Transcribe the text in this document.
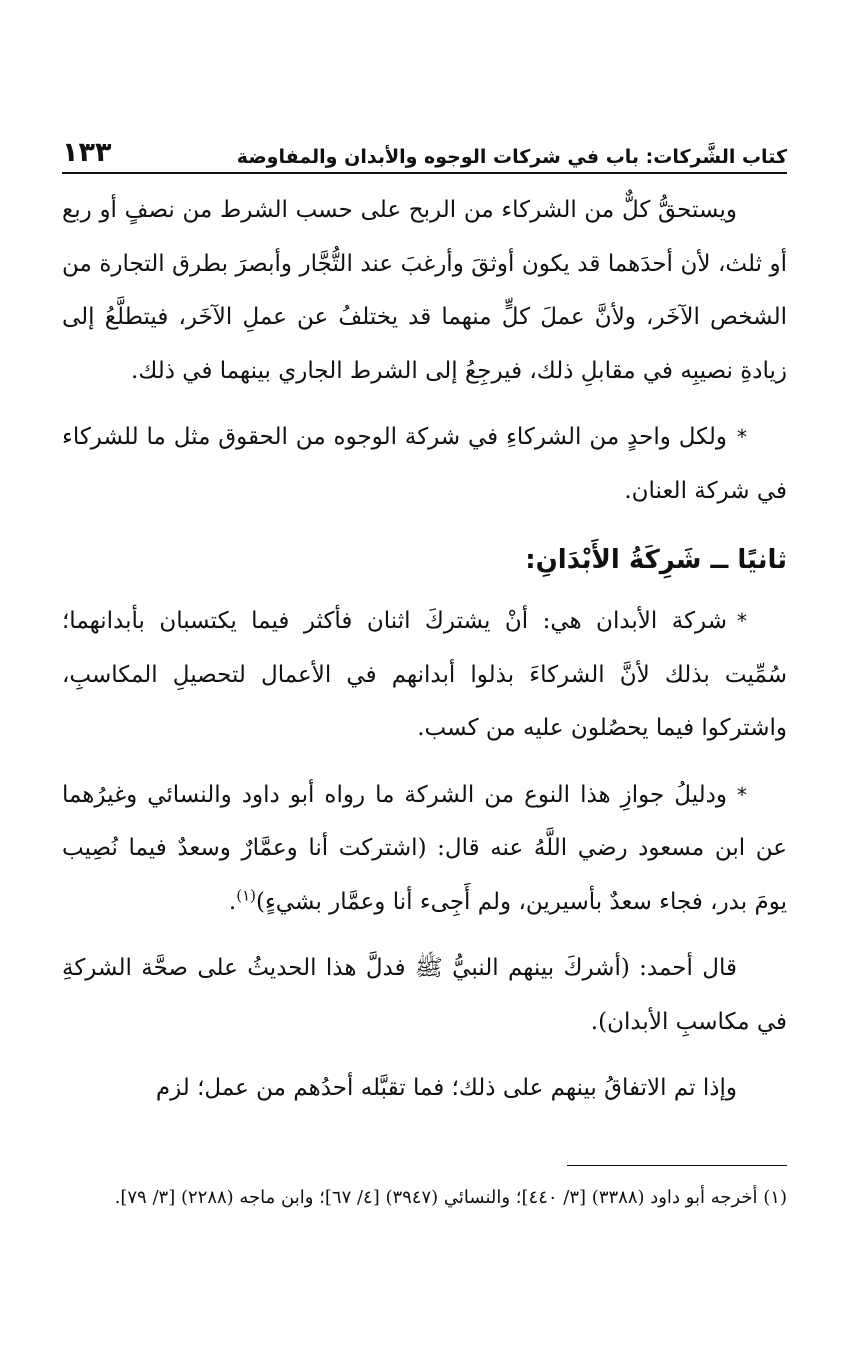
كتاب الشَّركات: باب في شركات الوجوه والأبدان والمفاوضة
١٣٣

ويستحقُّ كلٌّ من الشركاء من الربح على حسب الشرط من نصفٍ أو ربع أو ثلث، لأن أحدَهما قد يكون أوثقَ وأرغبَ عند التُّجَّار وأبصرَ بطرق التجارة من الشخص الآخَر، ولأنَّ عملَ كلٍّ منهما قد يختلفُ عن عملِ الآخَر، فيتطلَّعُ إلى زيادةِ نصيبِه في مقابلِ ذلك، فيرجِعُ إلى الشرط الجاري بينهما في ذلك.

*ولكل واحدٍ من الشركاءِ في شركة الوجوه من الحقوق مثل ما للشركاء في شركة العنان.

ثانيًا ــ شَرِكَةُ الأَبْدَانِ:

*شركة الأبدان هي: أنْ يشتركَ اثنان فأكثر فيما يكتسبان بأبدانهما؛ سُمِّيت بذلك لأنَّ الشركاءَ بذلوا أبدانهم في الأعمال لتحصيلِ المكاسبِ، واشتركوا فيما يحصُلون عليه من كسب.

*ودليلُ جوازِ هذا النوع من الشركة ما رواه أبو داود والنسائي وغيرُهما عن ابن مسعود رضي اللَّهُ عنه قال: (اشتركت أنا وعمَّارٌ وسعدٌ فيما نُصِيب يومَ بدر، فجاء سعدٌ بأسيرين، ولم أَجِىء أنا وعمَّار بشيءٍ)$^{(١)}$.

قال أحمد: (أشركَ بينهم النبيُّ ﷺ فدلَّ هذا الحديثُ على صحَّة الشركةِ في مكاسبِ الأبدان).

وإذا تم الاتفاقُ بينهم على ذلك؛ فما تقبَّله أحدُهم من عمل؛ لزم

(١) أخرجه أبو داود (٣٣٨٨) [٣/ ٤٤٠]؛ والنسائي (٣٩٤٧) [٤/ ٦٧]؛ وابن ماجه (٢٢٨٨) [٣/ ٧٩].
